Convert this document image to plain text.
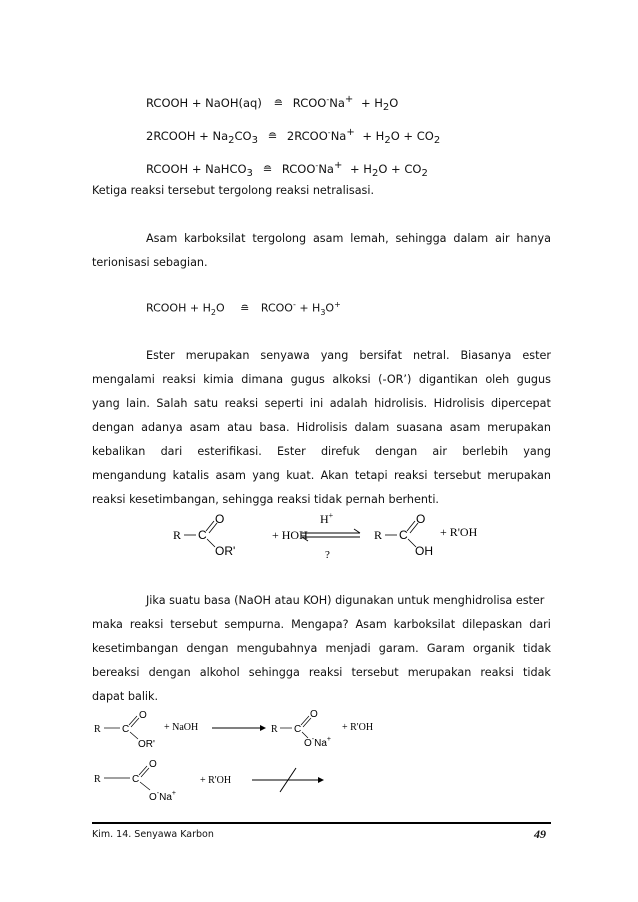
RCOOH + NaOH(aq) ≘ RCOO-Na+ + $H_2O$
2RCOOH + $Na_2CO_3$ ≘ 2RCOO-Na+ + $H_2O + CO_2$
RCOOH + NaHCO$_3$ ≘ RCOO-Na+ + $H_2O + CO_2$
Ketiga reaksi tersebut tergolong reaksi netralisasi.
Asam karboksilat tergolong asam lemah, sehingga dalam air hanya
terionisasi sebagian.
RCOOH + $H_2O$ ≘ RCOO- + $H_3O^+$
Ester merupakan senyawa yang bersifat netral. Biasanya ester
mengalami reaksi kimia dimana gugus alkoksi (-OR’) digantikan oleh gugus
yang lain. Salah satu reaksi seperti ini adalah hidrolisis. Hidrolisis dipercepat
dengan adanya asam atau basa. Hidrolisis dalam suasana asam merupakan
kebalikan dari esterifikasi. Ester direfuk dengan air berlebih yang
mengandung katalis asam yang kuat. Akan tetapi reaksi tersebut merupakan
reaksi kesetimbangan, sehingga reaksi tidak pernah berhenti.
R C
O
OR'
+ HOH
H+
?
R C
O
OH
+ R'OH
Jika suatu basa (NaOH atau KOH) digunakan untuk menghidrolisa ester
maka reaksi tersebut sempurna. Mengapa? Asam karboksilat dilepaskan dari
kesetimbangan dengan mengubahnya menjadi garam. Garam organik tidak
bereaksi dengan alkohol sehingga reaksi tersebut merupakan reaksi tidak
dapat balik.
R C
O
OR'
+ NaOH	R C
O
O-Na+
+ R'OH
R	C
O
O-Na+
+ R'OH
Kim. 14. Senyawa Karbon	49
